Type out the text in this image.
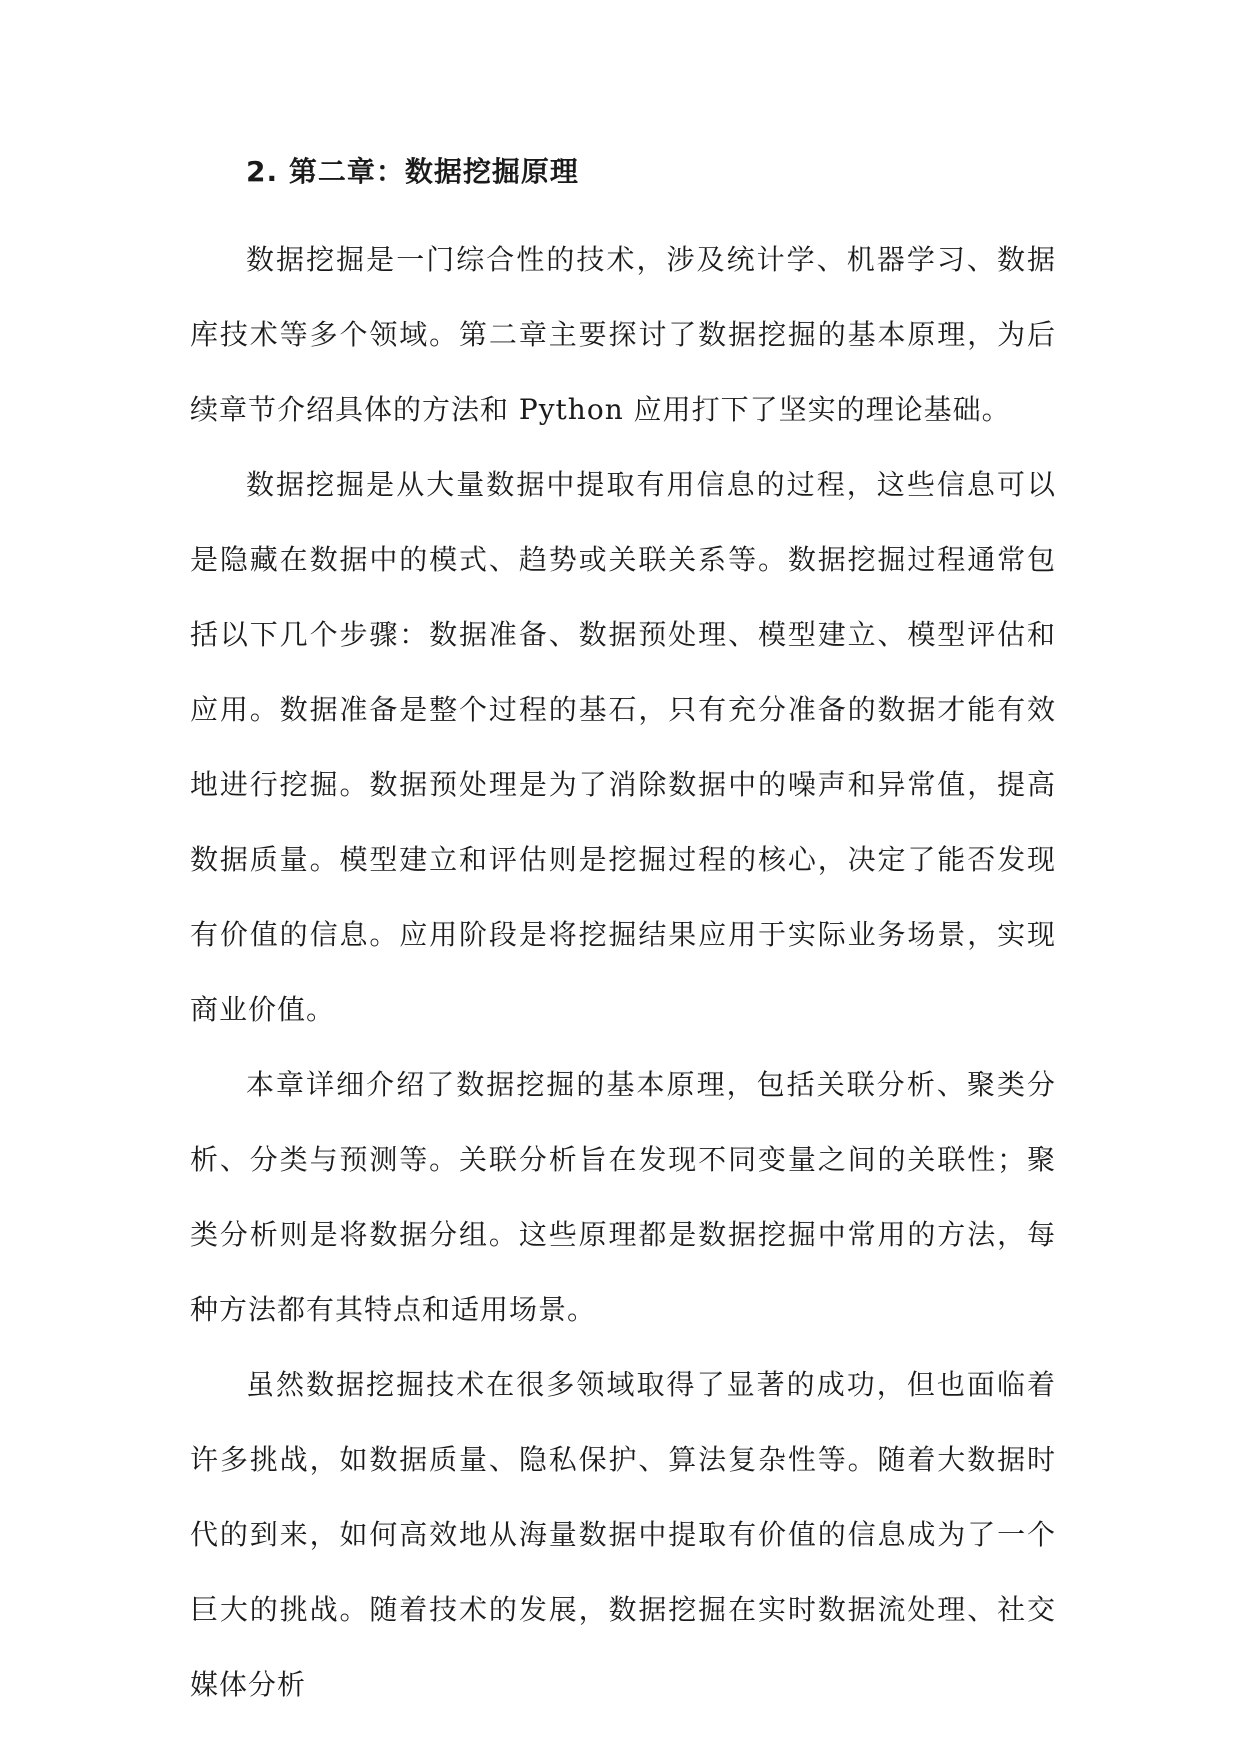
2. 第二章：数据挖掘原理

数据挖掘是一门综合性的技术，涉及统计学、机器学习、数据库技术等多个领域。第二章主要探讨了数据挖掘的基本原理，为后续章节介绍具体的方法和 Python 应用打下了坚实的理论基础。

数据挖掘是从大量数据中提取有用信息的过程，这些信息可以是隐藏在数据中的模式、趋势或关联关系等。数据挖掘过程通常包括以下几个步骤：数据准备、数据预处理、模型建立、模型评估和应用。数据准备是整个过程的基石，只有充分准备的数据才能有效地进行挖掘。数据预处理是为了消除数据中的噪声和异常值，提高数据质量。模型建立和评估则是挖掘过程的核心，决定了能否发现有价值的信息。应用阶段是将挖掘结果应用于实际业务场景，实现商业价值。

本章详细介绍了数据挖掘的基本原理，包括关联分析、聚类分析、分类与预测等。关联分析旨在发现不同变量之间的关联性；聚类分析则是将数据分组。这些原理都是数据挖掘中常用的方法，每种方法都有其特点和适用场景。

虽然数据挖掘技术在很多领域取得了显著的成功，但也面临着许多挑战，如数据质量、隐私保护、算法复杂性等。随着大数据时代的到来，如何高效地从海量数据中提取有价值的信息成为了一个巨大的挑战。随着技术的发展，数据挖掘在实时数据流处理、社交媒体分析
